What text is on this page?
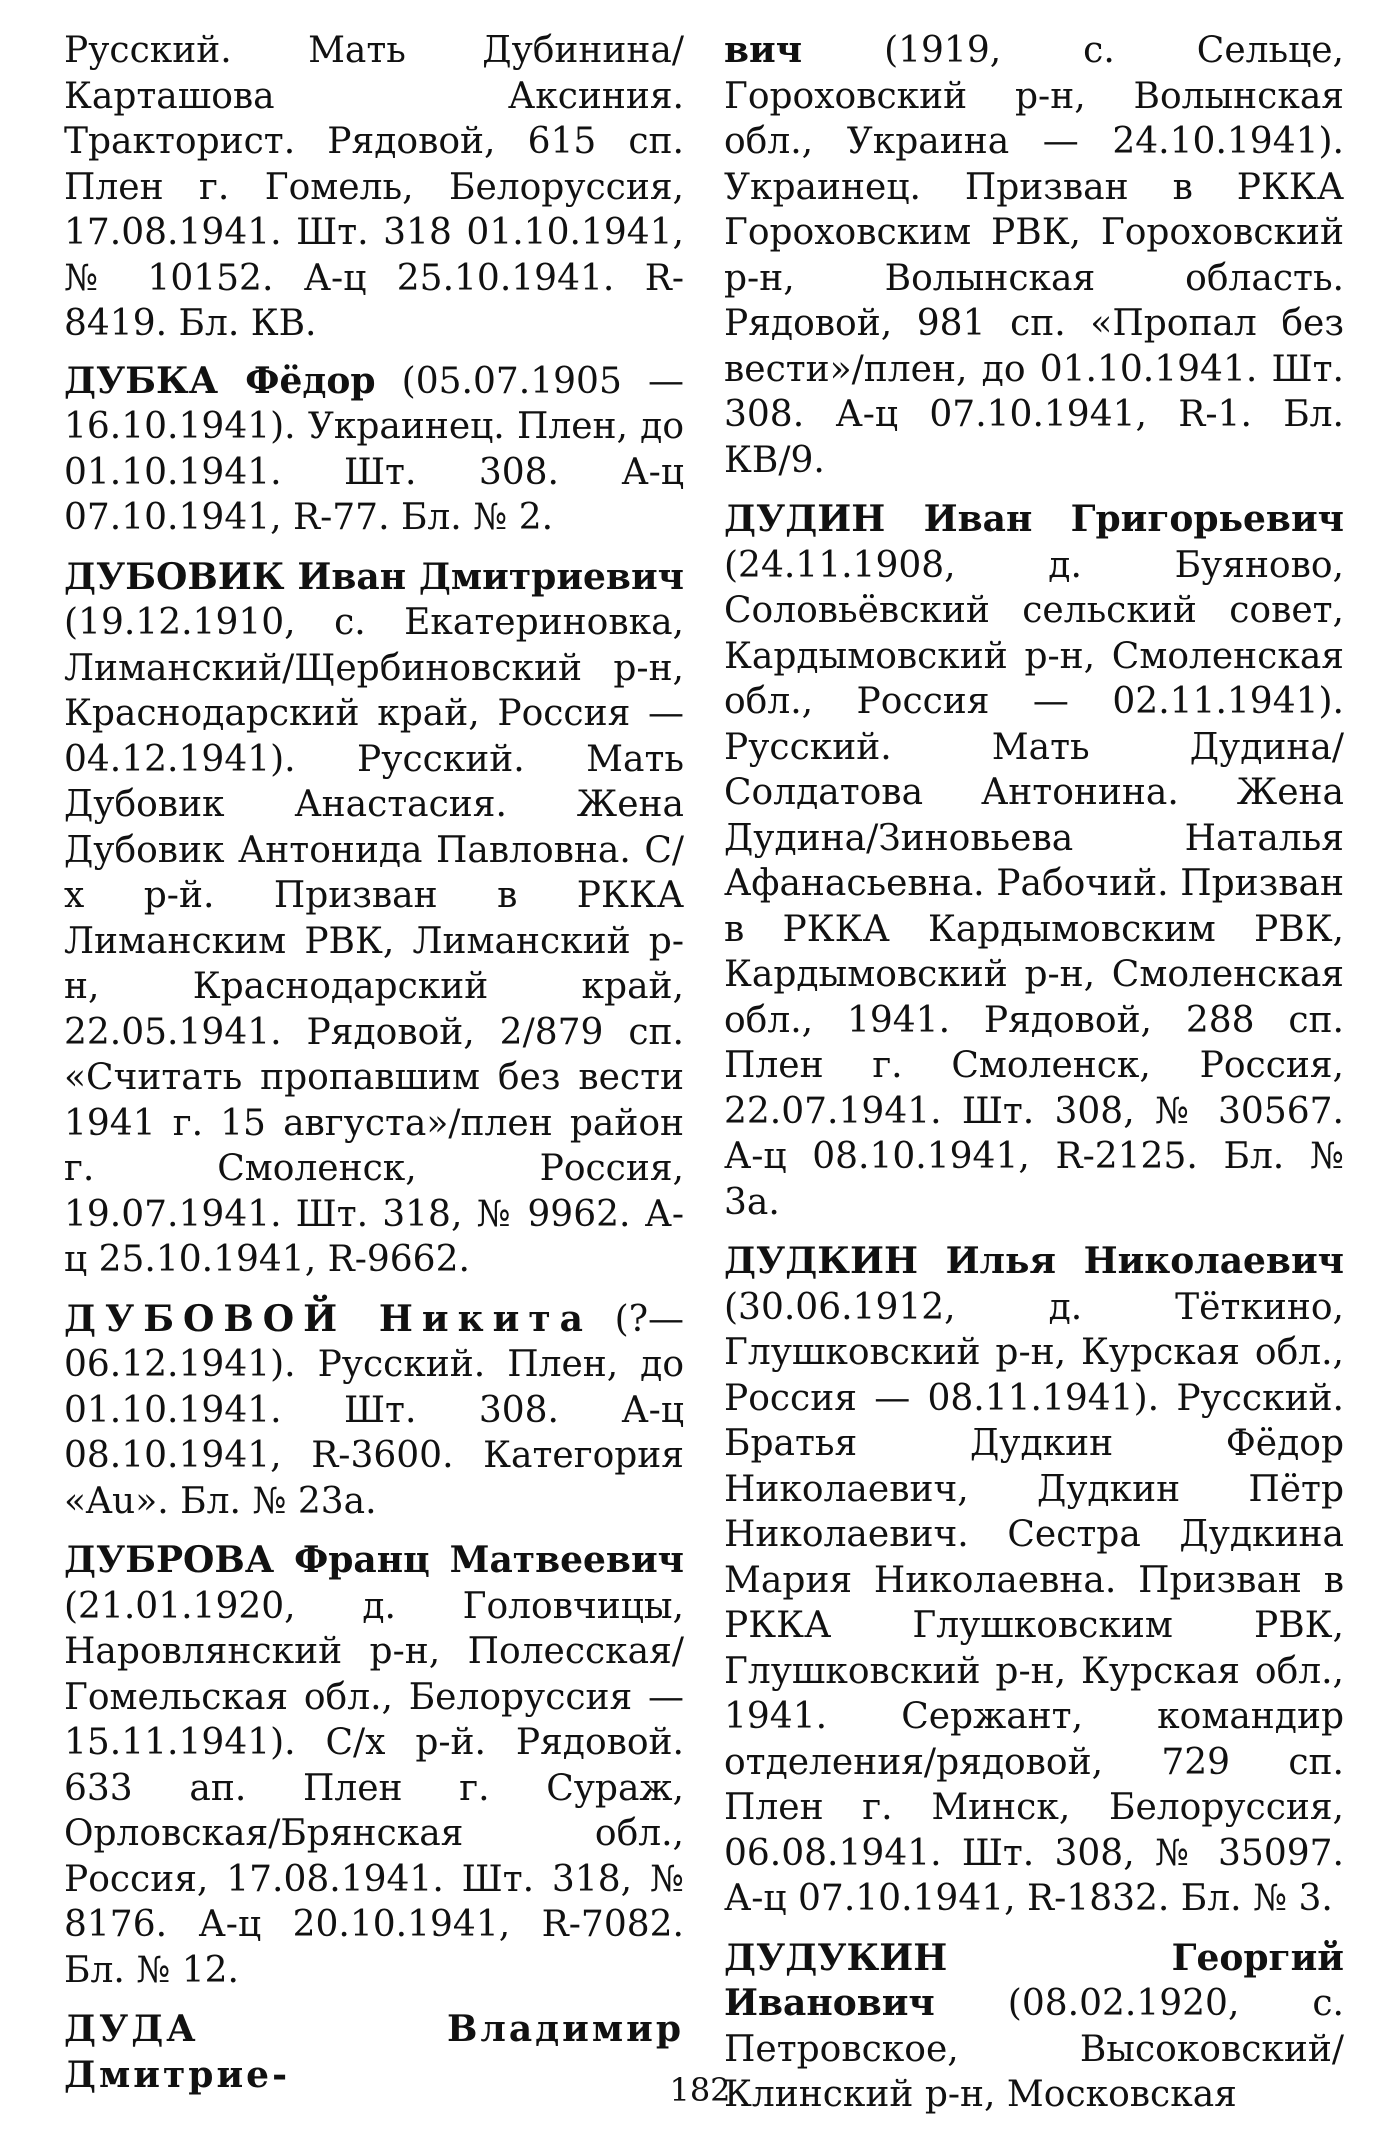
Русский. Мать Дубинина/Карташова Аксиния. Тракторист. Рядовой, 615 сп. Плен г. Гомель, Белоруссия, 17.08.1941. Шт. 318 01.10.1941, № 10152. А-ц 25.10.1941. R-8419. Бл. КВ.

ДУБКА Фёдор (05.07.1905 — 16.10.1941). Украинец. Плен, до 01.10.1941. Шт. 308. А-ц 07.10.1941, R-77. Бл. № 2.

ДУБОВИК Иван Дмитриевич (19.12.1910, с. Екатериновка, Лиманский/Щербиновский р-н, Краснодарский край, Россия — 04.12.1941). Русский. Мать Дубовик Анастасия. Жена Дубовик Антонида Павловна. С/х р-й. Призван в РККА Лиманским РВК, Лиманский р-н, Краснодарский край, 22.05.1941. Рядовой, 2/879 сп. «Считать пропавшим без вести 1941 г. 15 августа»/плен район г. Смоленск, Россия, 19.07.1941. Шт. 318, № 9962. А-ц 25.10.1941, R-9662.

ДУБОВОЙ Никита (?—06.12.1941). Русский. Плен, до 01.10.1941. Шт. 308. А-ц 08.10.1941, R-3600. Категория «Au». Бл. № 23а.

ДУБРОВА Франц Матвеевич (21.01.1920, д. Головчицы, Наровлянский р-н, Полесская/Гомельская обл., Белоруссия — 15.11.1941). С/х р-й. Рядовой. 633 ап. Плен г. Сураж, Орловская/Брянская обл., Россия, 17.08.1941. Шт. 318, № 8176. А-ц 20.10.1941, R-7082. Бл. № 12.

ДУДА Владимир Дмитрие-

вич (1919, с. Сельце, Гороховский р-н, Волынская обл., Украина — 24.10.1941). Украинец. Призван в РККА Гороховским РВК, Гороховский р-н, Волынская область. Рядовой, 981 сп. «Пропал без вести»/плен, до 01.10.1941. Шт. 308. А-ц 07.10.1941, R-1. Бл. КВ/9.

ДУДИН Иван Григорьевич (24.11.1908, д. Буяново, Соловьёвский сельский совет, Кардымовский р-н, Смоленская обл., Россия — 02.11.1941). Русский. Мать Дудина/Солдатова Антонина. Жена Дудина/Зиновьева Наталья Афанасьевна. Рабочий. Призван в РККА Кардымовским РВК, Кардымовский р-н, Смоленская обл., 1941. Рядовой, 288 сп. Плен г. Смоленск, Россия, 22.07.1941. Шт. 308, № 30567. А-ц 08.10.1941, R-2125. Бл. № 3а.

ДУДКИН Илья Николаевич (30.06.1912, д. Тёткино, Глушковский р-н, Курская обл., Россия — 08.11.1941). Русский. Братья Дудкин Фёдор Николаевич, Дудкин Пётр Николаевич. Сестра Дудкина Мария Николаевна. Призван в РККА Глушковским РВК, Глушковский р-н, Курская обл., 1941. Сержант, командир отделения/рядовой, 729 сп. Плен г. Минск, Белоруссия, 06.08.1941. Шт. 308, № 35097. А-ц 07.10.1941, R-1832. Бл. № 3.

ДУДУКИН Георгий Иванович (08.02.1920, с. Петровское, Высоковский/Клинский р-н, Московская

182
